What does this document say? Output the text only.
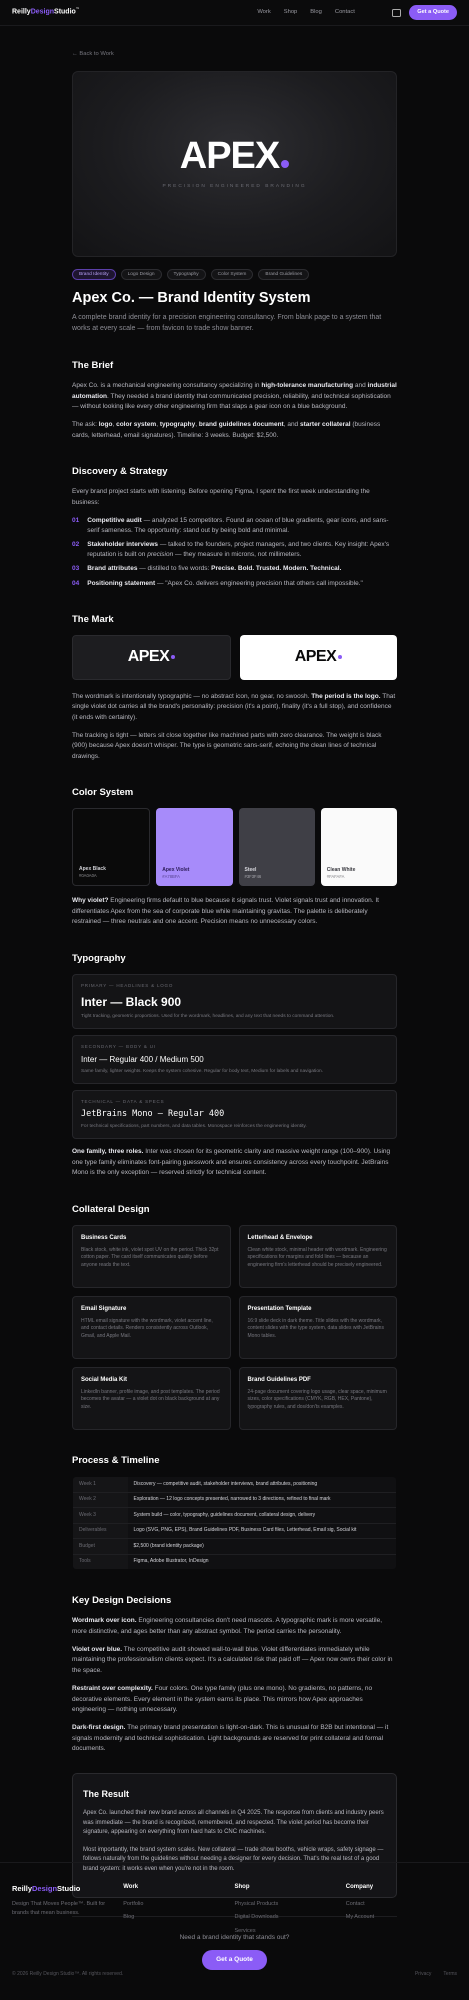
ReillyDesignStudio™
Work Shop Blog Contact	Get a Quote
← Back to Work
APEX
PRECISION ENGINEERED BRANDING
Brand Identity	Logo Design	Typography	Color System	Brand Guidelines
Apex Co. — Brand Identity System
A complete brand identity for a precision engineering consultancy. From blank page to a system that works at every scale — from favicon to trade show banner.
The Brief

Apex Co. is a mechanical engineering consultancy specializing in high-tolerance manufacturing and industrial automation. They needed a brand identity that communicated precision, reliability, and technical sophistication — without looking like every other engineering firm that slaps a gear icon on a blue background.

The ask: logo, color system, typography, brand guidelines document, and starter collateral (business cards, letterhead, email signatures). Timeline: 3 weeks. Budget: $2,500.

Discovery & Strategy

Every brand project starts with listening. Before opening Figma, I spent the first week understanding the business:

01 Competitive audit — analyzed 15 competitors. Found an ocean of blue gradients, gear icons, and sans-serif sameness. The opportunity: stand out by being bold and minimal.
02 Stakeholder interviews — talked to the founders, project managers, and two clients. Key insight: Apex's reputation is built on precision — they measure in microns, not millimeters.
03 Brand attributes — distilled to five words: Precise. Bold. Trusted. Modern. Technical.
04 Positioning statement — "Apex Co. delivers engineering precision that others call impossible."
The Mark
APEX	APEX

The wordmark is intentionally typographic — no abstract icon, no gear, no swoosh. The period is the logo. That single violet dot carries all the brand's personality: precision (it's a point), finality (it's a full stop), and confidence (it ends with certainty).

The tracking is tight — letters sit close together like machined parts with zero clearance. The weight is black (900) because Apex doesn't whisper. The type is geometric sans-serif, echoing the clean lines of technical drawings.

Color System
Apex Black
#0A0A0A
Apex Violet
#A78BFA
Steel
#3F3F46
Clean White
#FAFAFA

Why violet? Engineering firms default to blue because it signals trust. Violet signals trust and innovation. It differentiates Apex from the sea of corporate blue while maintaining gravitas. The palette is deliberately restrained — three neutrals and one accent. Precision means no unnecessary colors.

Typography
PRIMARY — HEADLINES & LOGO
Inter — Black 900
Tight tracking, geometric proportions. Used for the wordmark, headlines, and any text that needs to command attention.
SECONDARY — BODY & UI
Inter — Regular 400 / Medium 500
Same family, lighter weights. Keeps the system cohesive. Regular for body text, Medium for labels and navigation.
TECHNICAL — DATA & SPECS
JetBrains Mono — Regular 400
For technical specifications, part numbers, and data tables. Monospace reinforces the engineering identity.

One family, three roles. Inter was chosen for its geometric clarity and massive weight range (100–900). Using one type family eliminates font-pairing guesswork and ensures consistency across every touchpoint. JetBrains Mono is the only exception — reserved strictly for technical content.

Collateral Design
Business Cards
Black stock, white ink, violet spot UV on the period. Thick 32pt cotton paper. The card itself communicates quality before anyone reads the text.
Letterhead & Envelope
Clean white stock, minimal header with wordmark. Engineering specifications for margins and fold lines — because an engineering firm's letterhead should be precisely engineered.
Email Signature
HTML email signature with the wordmark, violet accent line, and contact details. Renders consistently across Outlook, Gmail, and Apple Mail.
Presentation Template
16:9 slide deck in dark theme. Title slides with the wordmark, content slides with the type system, data slides with JetBrains Mono tables.
Social Media Kit
LinkedIn banner, profile image, and post templates. The period becomes the avatar — a violet dot on black background at any size.
Brand Guidelines PDF
24-page document covering logo usage, clear space, minimum sizes, color specifications (CMYK, RGB, HEX, Pantone), typography rules, and dos/don'ts examples.
Process & Timeline
Week 1	Discovery — competitive audit, stakeholder interviews, brand attributes, positioning
Week 2	Exploration — 12 logo concepts presented, narrowed to 3 directions, refined to final mark
Week 3	System build — color, typography, guidelines document, collateral design, delivery
Deliverables	Logo (SVG, PNG, EPS), Brand Guidelines PDF, Business Card files, Letterhead, Email sig, Social kit
Budget	$2,500 (brand identity package)
Tools	Figma, Adobe Illustrator, InDesign
Key Design Decisions

Wordmark over icon. Engineering consultancies don't need mascots. A typographic mark is more versatile, more distinctive, and ages better than any abstract symbol. The period carries the personality.

Violet over blue. The competitive audit showed wall-to-wall blue. Violet differentiates immediately while maintaining the professionalism clients expect. It's a calculated risk that paid off — Apex now owns their color in the space.

Restraint over complexity. Four colors. One type family (plus one mono). No gradients, no patterns, no decorative elements. Every element in the system earns its place. This mirrors how Apex approaches engineering — nothing unnecessary.

Dark-first design. The primary brand presentation is light-on-dark. This is unusual for B2B but intentional — it signals modernity and technical sophistication. Light backgrounds are reserved for print collateral and formal documents.

The Result

Apex Co. launched their new brand across all channels in Q4 2025. The response from clients and industry peers was immediate — the brand is recognized, remembered, and respected. The violet period has become their signature, appearing on everything from hard hats to CNC machines.

Most importantly, the brand system scales. New collateral — trade show booths, vehicle wraps, safety signage — follows naturally from the guidelines without needing a designer for every decision. That's the real test of a good brand system: it works even when you're not in the room.

Need a brand identity that stands out?
Get a Quote
ReillyDesignStudio
Design That Moves People™. Built for brands that mean business.
Work
Portfolio
Blog
Shop
Physical Products
Digital Downloads
Services
Company
Contact
My Account
© 2026 Reilly Design Studio™. All rights reserved.	Privacy Terms
